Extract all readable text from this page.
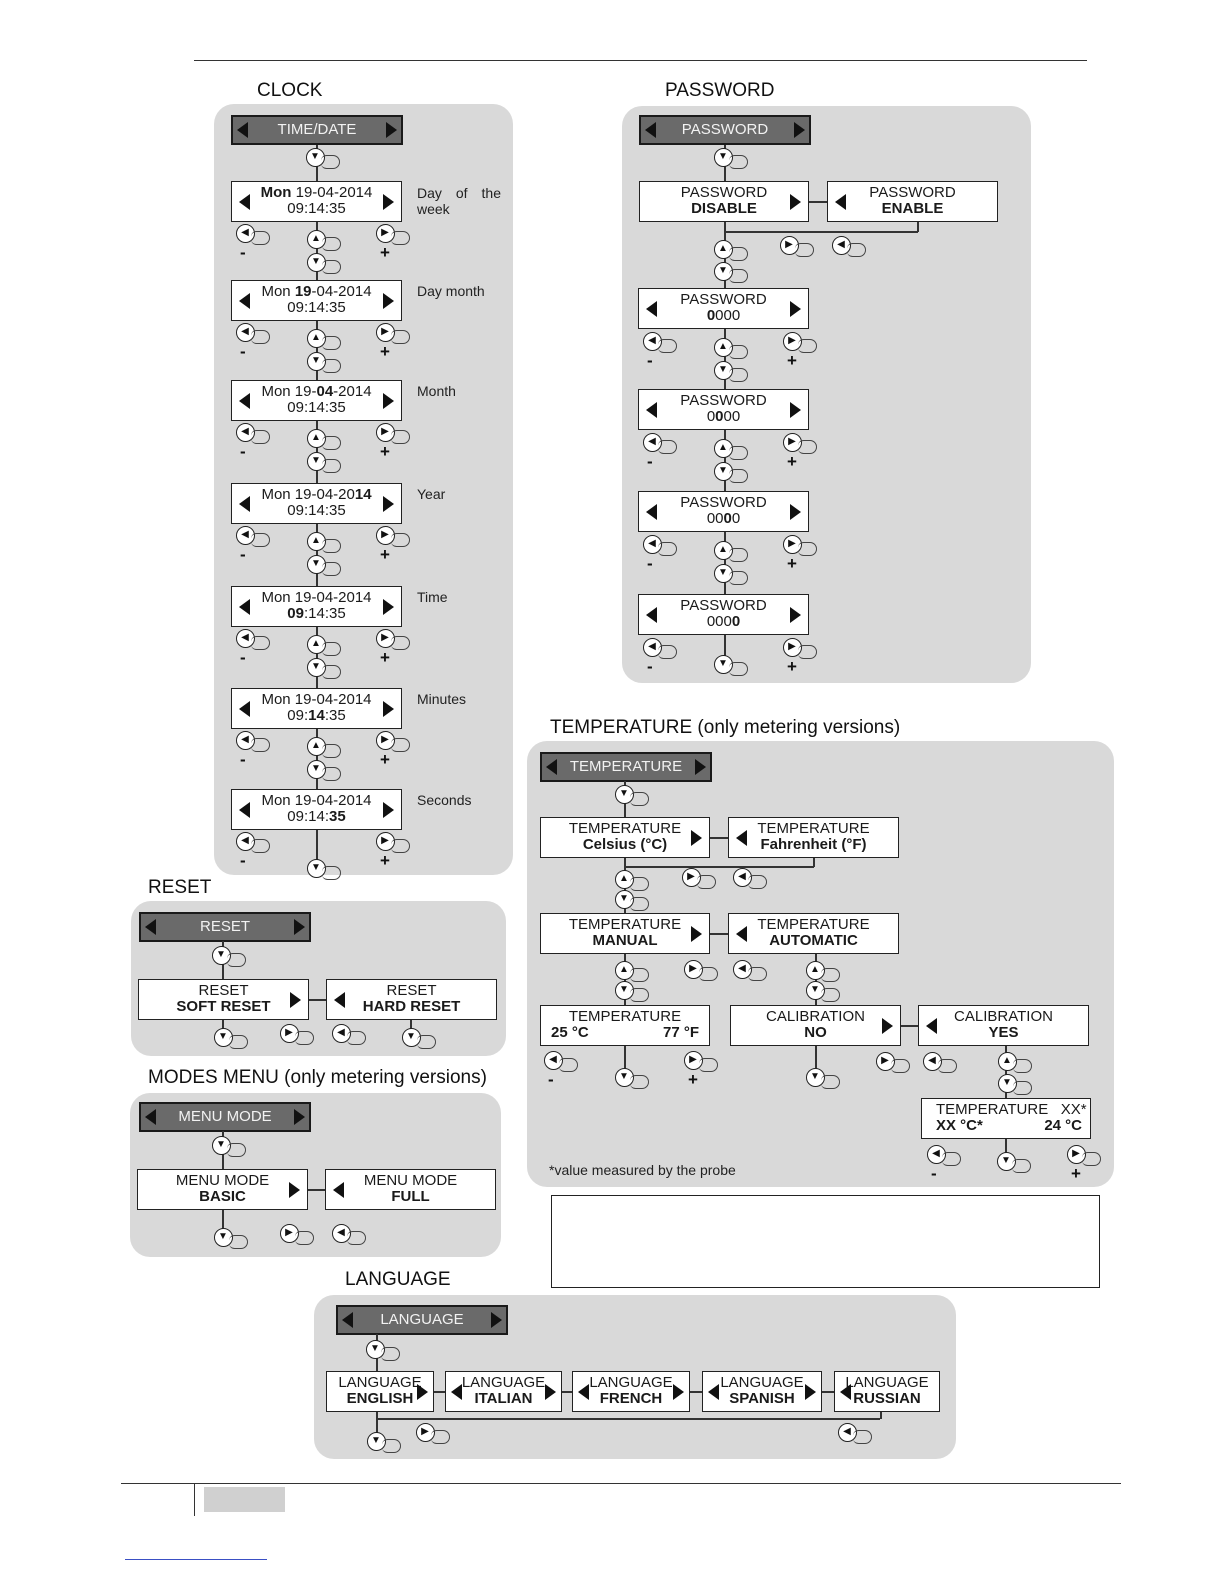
CLOCK
TIME/DATE
PASSWORD
PASSWORD
PASSWORD
DISABLE
PASSWORD
ENABLE
RESET
RESET
RESET
SOFT RESET
RESET
HARD RESET
MODES MENU (only metering versions)
MENU MODE
MENU MODE
BASIC
MENU MODE
FULL
TEMPERATURE (only metering versions)
TEMPERATURE
TEMPERATURE
Celsius (°C)
TEMPERATURE
Fahrenheit (°F)
TEMPERATURE
MANUAL
TEMPERATURE
AUTOMATIC
TEMPERATURE
25 °C	77 °F
CALIBRATION
NO
CALIBRATION
YES
TEMPERATURE XX*
XX °C*	24 °C
*value measured by the probe
LANGUAGE
LANGUAGE
Mon 19-04-2014
09:14:35
Day of the week
◀	▶
-	+
▲
▼
Mon 19-04-2014
09:14:35
Day month
◀	▶
-	+
▲
▼
Mon 19-04-2014
09:14:35
Month
◀	▶
-	+
▲
▼
Mon 19-04-2014
09:14:35
Year
◀	▶
-	+
▲
▼
Mon 19-04-2014
09:14:35
Time
◀	▶
-	+
▲
▼
Mon 19-04-2014
09:14:35
Minutes
◀	▶
-	+
▲
▼
Mon 19-04-2014
09:14:35
Seconds
◀	▶
-	+
▼
▼	▼
▲
▼
▶	◀
PASSWORD
0000
◀	▶
-	+
▲
▼
PASSWORD
0000
◀	▶
-	+
▲
▼
PASSWORD
0000
◀	▶
-	+
▲
▼
PASSWORD
0000
◀	▶
-	+
▼
▼
▼	▶	◀	▼
▼
▼	▶	◀
▼
▲
▼
▶	◀
▲
▼
▶	◀	▲
▼
◀	▶
-	+
▼	▼
▶	◀	▲
▼
◀	▶
▼
-	+
LANGUAGE
ENGLISH
LANGUAGE
ITALIAN
LANGUAGE
FRENCH
LANGUAGE
SPANISH
LANGUAGE
RUSSIAN
▼
▼
▶	◀
